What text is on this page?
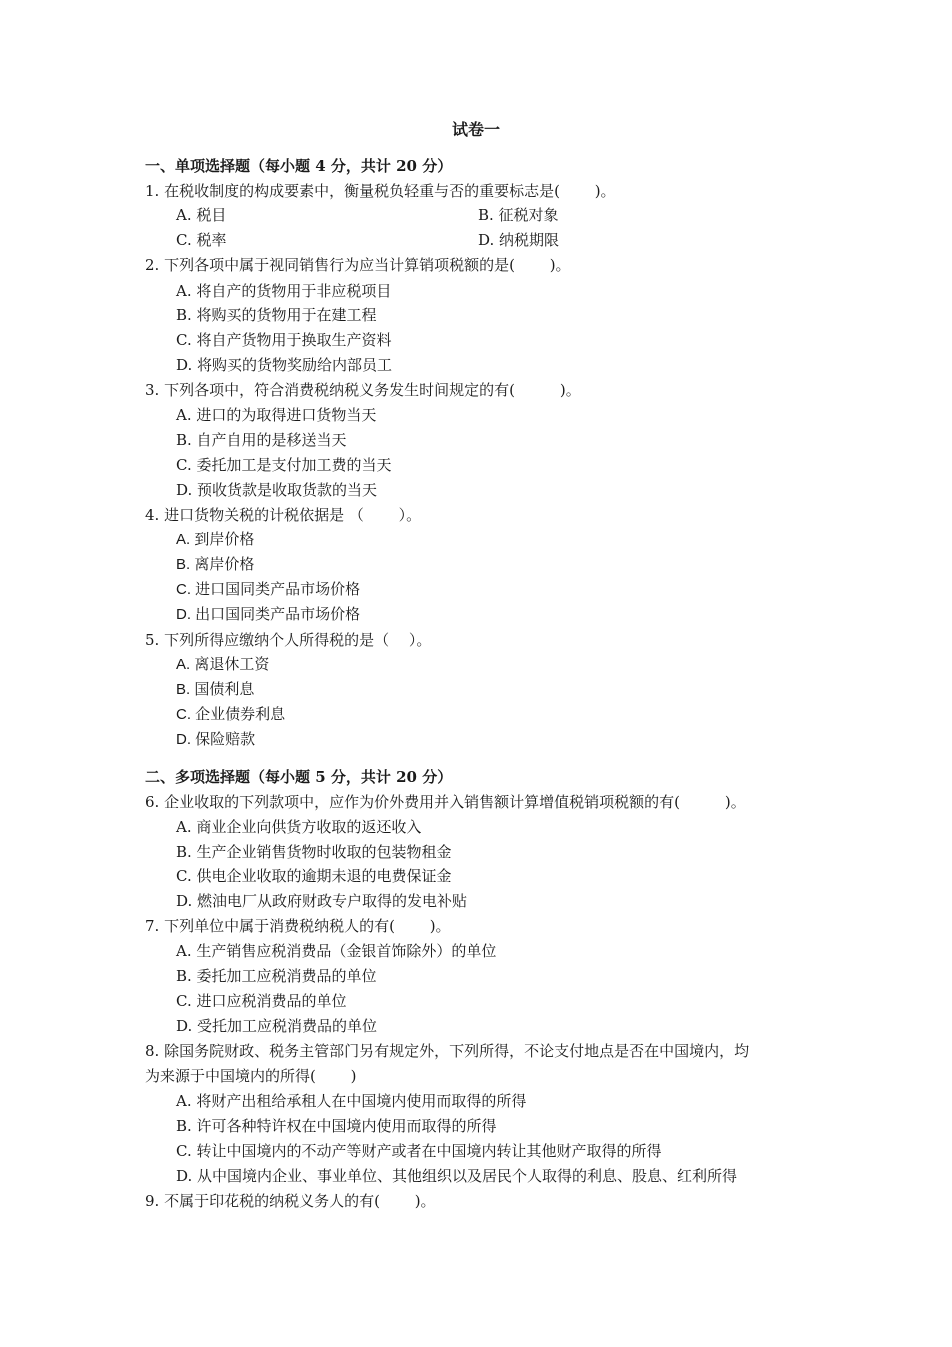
试卷一
一、单项选择题（每小题 4 分，共计 20 分）
1. 在税收制度的构成要素中，衡量税负轻重与否的重要标志是(　　 )。
A. 税目	B. 征税对象
C. 税率	D. 纳税期限
2. 下列各项中属于视同销售行为应当计算销项税额的是(　　 )。
A. 将自产的货物用于非应税项目
B. 将购买的货物用于在建工程
C. 将自产货物用于换取生产资料
D. 将购买的货物奖励给内部员工
3. 下列各项中，符合消费税纳税义务发生时间规定的有(　　　)。
A. 进口的为取得进口货物当天
B. 自产自用的是移送当天
C. 委托加工是支付加工费的当天
D. 预收货款是收取货款的当天
4. 进口货物关税的计税依据是 （　　 ）。
A. 到岸价格
B. 离岸价格
C. 进口国同类产品市场价格
D. 出口国同类产品市场价格
5. 下列所得应缴纳个人所得税的是（　 ）。
A. 离退休工资
B. 国债利息
C. 企业债券利息
D. 保险赔款
二、多项选择题（每小题 5 分，共计 20 分）
6. 企业收取的下列款项中，应作为价外费用并入销售额计算增值税销项税额的有(　　　)。
A. 商业企业向供货方收取的返还收入
B. 生产企业销售货物时收取的包装物租金
C. 供电企业收取的逾期未退的电费保证金
D. 燃油电厂从政府财政专户取得的发电补贴
7. 下列单位中属于消费税纳税人的有(　　 )。
A. 生产销售应税消费品（金银首饰除外）的单位
B. 委托加工应税消费品的单位
C. 进口应税消费品的单位
D. 受托加工应税消费品的单位
8. 除国务院财政、税务主管部门另有规定外，下列所得，不论支付地点是否在中国境内，均
为来源于中国境内的所得(　　 )
A. 将财产出租给承租人在中国境内使用而取得的所得
B. 许可各种特许权在中国境内使用而取得的所得
C. 转让中国境内的不动产等财产或者在中国境内转让其他财产取得的所得
D. 从中国境内企业、事业单位、其他组织以及居民个人取得的利息、股息、红利所得
9. 不属于印花税的纳税义务人的有(　　 )。
